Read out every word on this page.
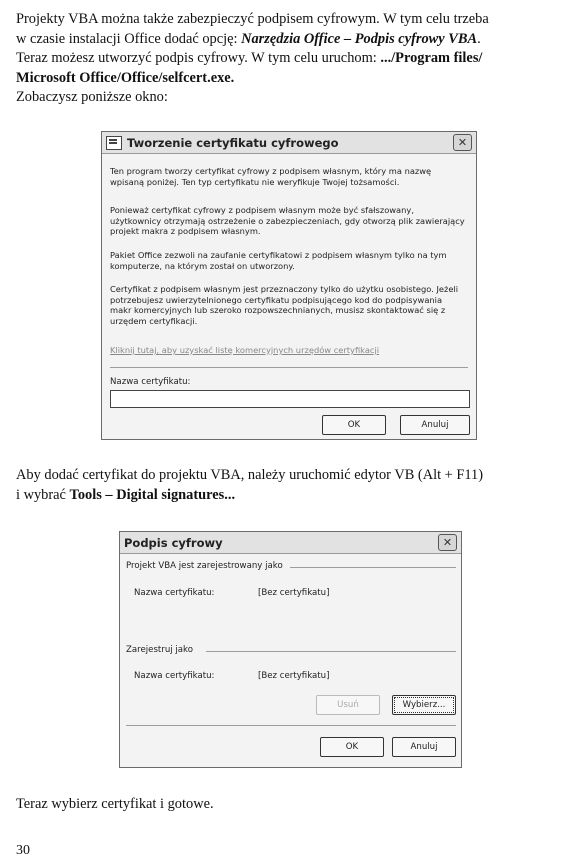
Projekty VBA można także zabezpieczyć podpisem cyfrowym. W tym celu trzeba
w czasie instalacji Office dodać opcję: Narzędzia Office – Podpis cyfrowy VBA.
Teraz możesz utworzyć podpis cyfrowy. W tym celu uruchom: .../Program files/
Microsoft Office/Office/selfcert.exe.
Zobaczysz poniższe okno:

Tworzenie certyfikatu cyfrowego	✕

Ten program tworzy certyfikat cyfrowy z podpisem własnym, który ma nazwę wpisaną poniżej. Ten typ certyfikatu nie weryfikuje Twojej tożsamości.

Ponieważ certyfikat cyfrowy z podpisem własnym może być sfałszowany, użytkownicy otrzymają ostrzeżenie o zabezpieczeniach, gdy otworzą plik zawierający projekt makra z podpisem własnym.

Pakiet Office zezwoli na zaufanie certyfikatowi z podpisem własnym tylko na tym komputerze, na którym został on utworzony.

Certyfikat z podpisem własnym jest przeznaczony tylko do użytku osobistego. Jeżeli potrzebujesz uwierzytelnionego certyfikatu podpisującego kod do podpisywania makr komercyjnych lub szeroko rozpowszechnianych, musisz skontaktować się z urzędem certyfikacji.

Kliknij tutaj, aby uzyskać listę komercyjnych urzędów certyfikacji

Nazwa certyfikatu:
OK	Anuluj

Aby dodać certyfikat do projektu VBA, należy uruchomić edytor VB (Alt + F11)
i wybrać Tools – Digital signatures...

Podpis cyfrowy	✕
Projekt VBA jest zarejestrowany jako
Nazwa certyfikatu:	[Bez certyfikatu]
Zarejestruj jako
Nazwa certyfikatu:	[Bez certyfikatu]
Usuń	Wybierz...
OK	Anuluj

Teraz wybierz certyfikat i gotowe.

30
